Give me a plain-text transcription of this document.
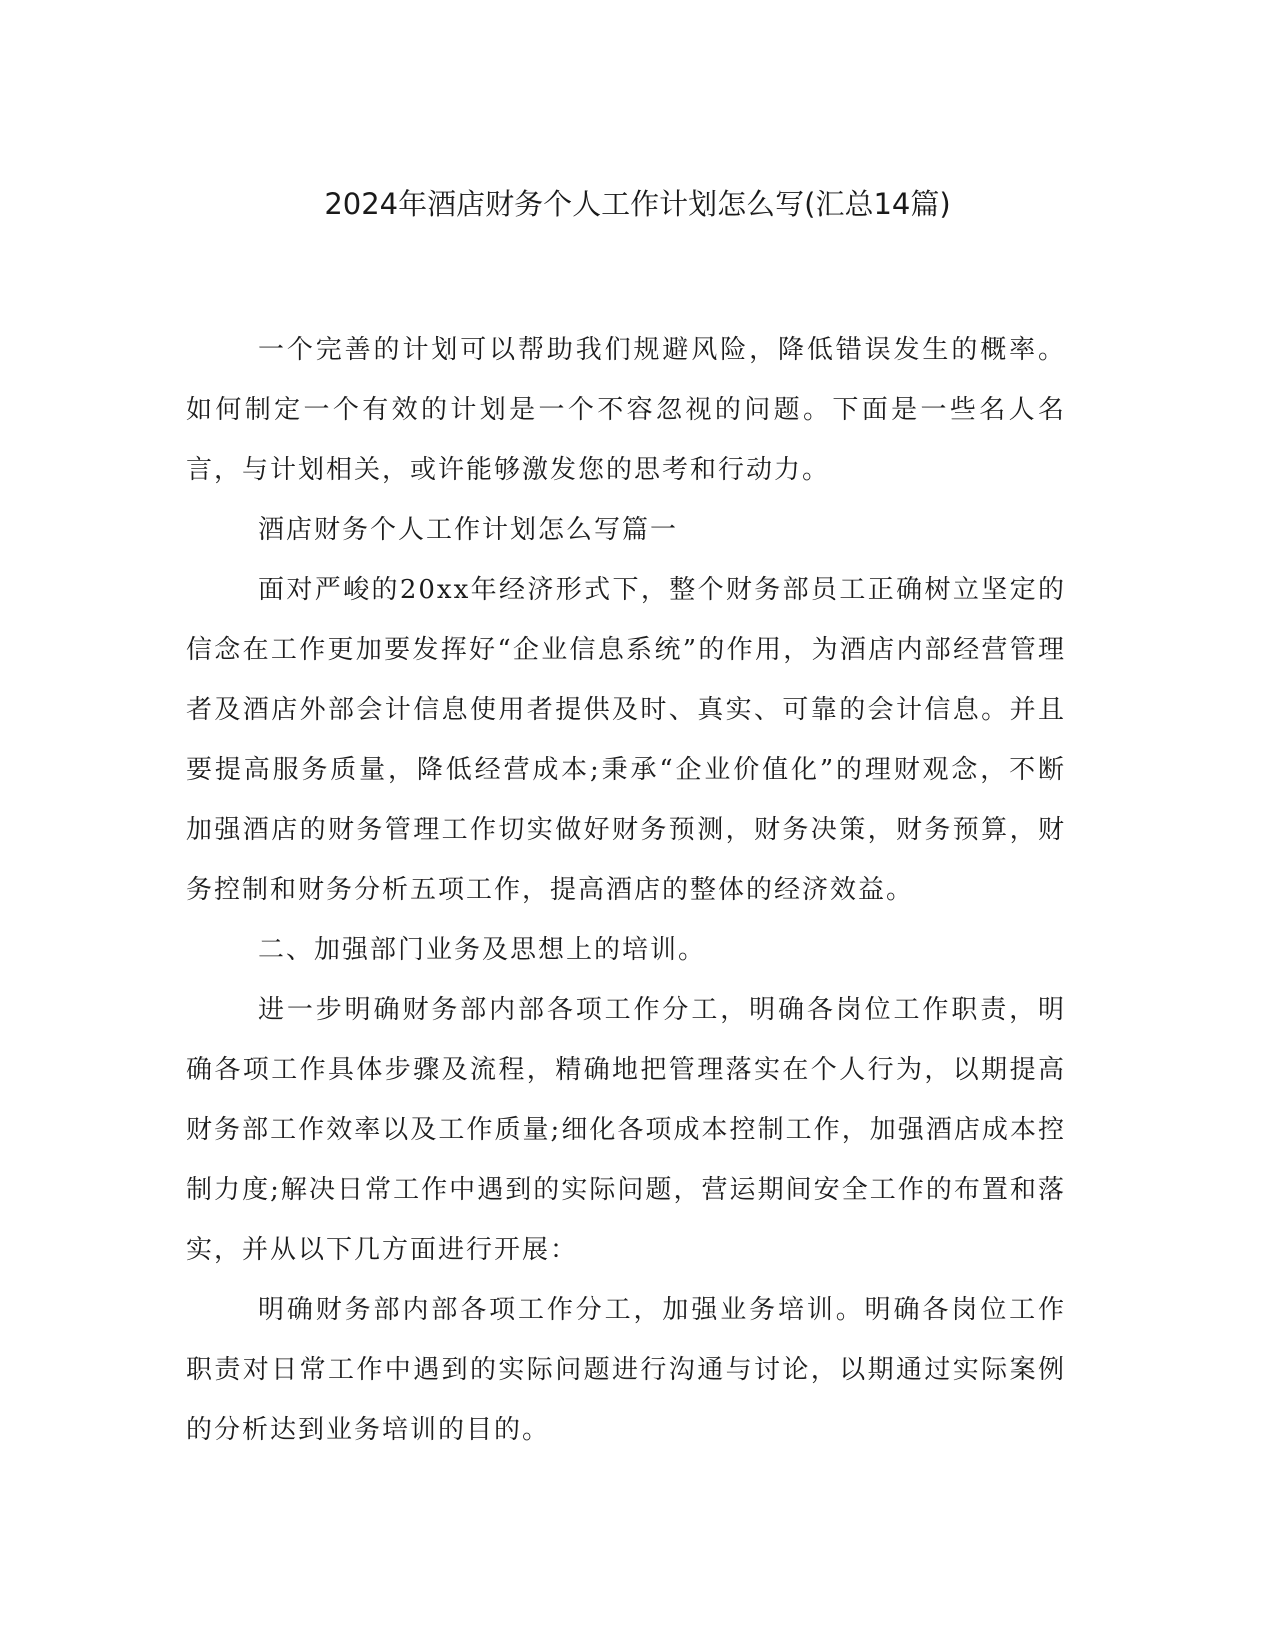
2024年酒店财务个人工作计划怎么写(汇总14篇)

一个完善的计划可以帮助我们规避风险，降低错误发生的概率。如何制定一个有效的计划是一个不容忽视的问题。下面是一些名人名言，与计划相关，或许能够激发您的思考和行动力。

酒店财务个人工作计划怎么写篇一

面对严峻的20xx年经济形式下，整个财务部员工正确树立坚定的信念在工作更加要发挥好“企业信息系统”的作用，为酒店内部经营管理者及酒店外部会计信息使用者提供及时、真实、可靠的会计信息。并且要提高服务质量，降低经营成本;秉承“企业价值化”的理财观念，不断加强酒店的财务管理工作切实做好财务预测，财务决策，财务预算，财务控制和财务分析五项工作，提高酒店的整体的经济效益。

二、加强部门业务及思想上的培训。

进一步明确财务部内部各项工作分工，明确各岗位工作职责，明确各项工作具体步骤及流程，精确地把管理落实在个人行为，以期提高财务部工作效率以及工作质量;细化各项成本控制工作，加强酒店成本控制力度;解决日常工作中遇到的实际问题，营运期间安全工作的布置和落实，并从以下几方面进行开展：

明确财务部内部各项工作分工，加强业务培训。明确各岗位工作职责对日常工作中遇到的实际问题进行沟通与讨论，以期通过实际案例的分析达到业务培训的目的。
